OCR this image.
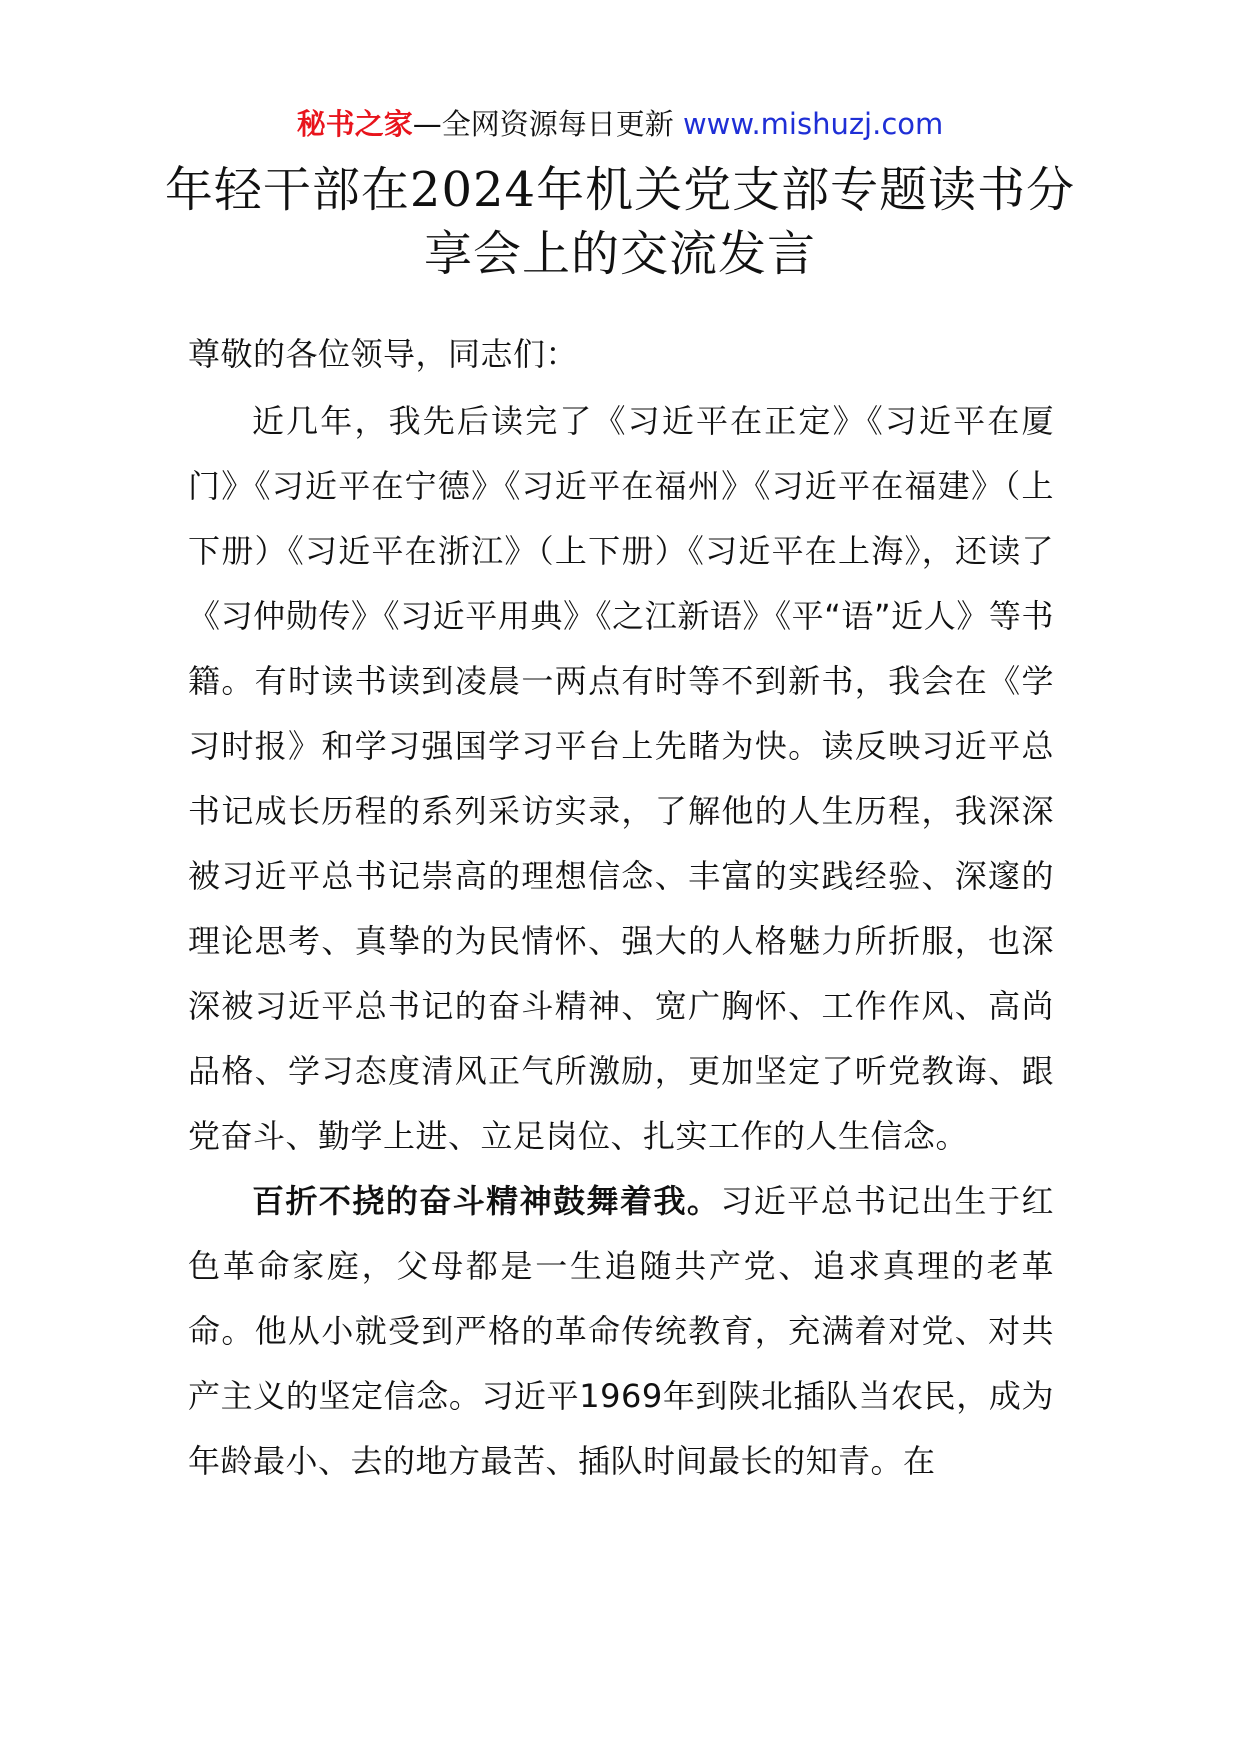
秘书之家—全网资源每日更新 www.mishuzj.com
年轻干部在2024年机关党支部专题读书分享会上的交流发言

尊敬的各位领导，同志们：

近几年，我先后读完了《习近平在正定》《习近平在厦门》《习近平在宁德》《习近平在福州》《习近平在福建》（上下册）《习近平在浙江》（上下册）《习近平在上海》，还读了《习仲勋传》《习近平用典》《之江新语》《平“语”近人》等书籍。有时读书读到凌晨一两点有时等不到新书，我会在《学习时报》和学习强国学习平台上先睹为快。读反映习近平总书记成长历程的系列采访实录，了解他的人生历程，我深深被习近平总书记崇高的理想信念、丰富的实践经验、深邃的理论思考、真挚的为民情怀、强大的人格魅力所折服，也深深被习近平总书记的奋斗精神、宽广胸怀、工作作风、高尚品格、学习态度清风正气所激励，更加坚定了听党教诲、跟党奋斗、勤学上进、立足岗位、扎实工作的人生信念。

百折不挠的奋斗精神鼓舞着我。习近平总书记出生于红色革命家庭，父母都是一生追随共产党、追求真理的老革命。他从小就受到严格的革命传统教育，充满着对党、对共产主义的坚定信念。习近平1969年到陕北插队当农民，成为年龄最小、去的地方最苦、插队时间最长的知青。在
